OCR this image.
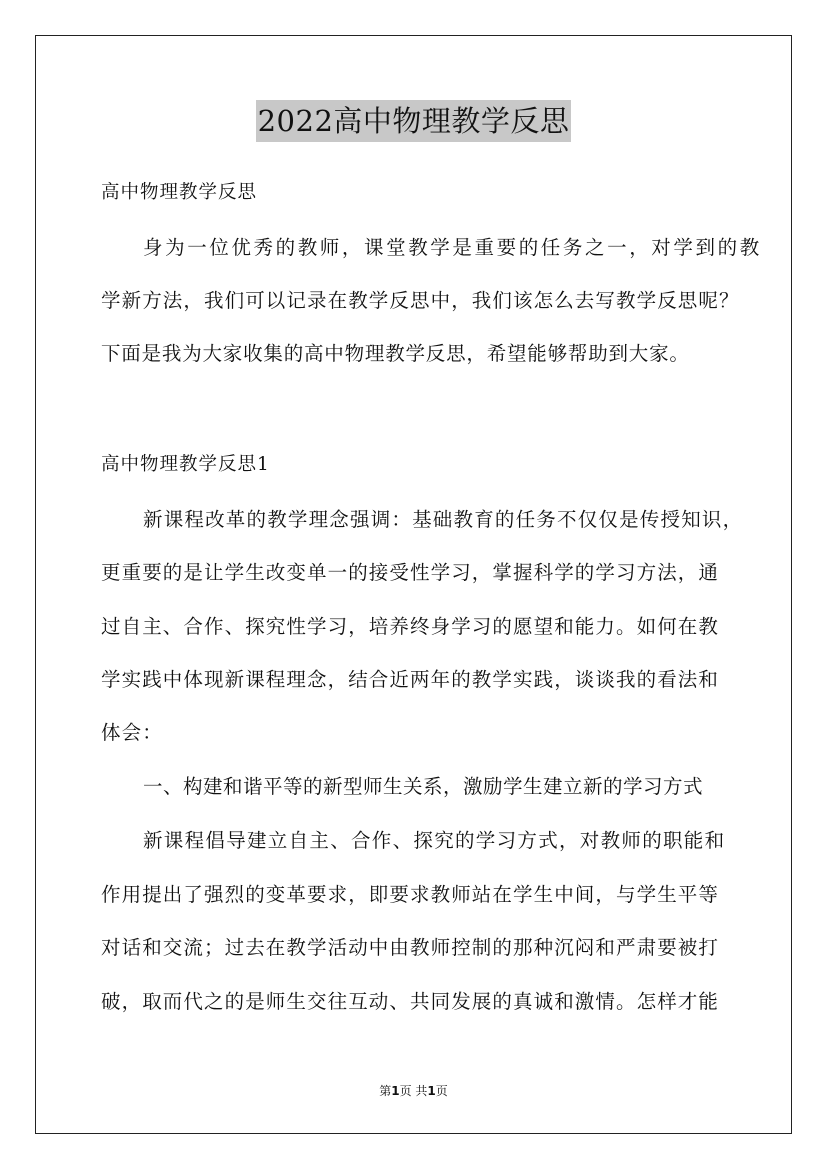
2022高中物理教学反思
高中物理教学反思
身为一位优秀的教师，课堂教学是重要的任务之一，对学到的教
学新方法，我们可以记录在教学反思中，我们该怎么去写教学反思呢？
下面是我为大家收集的高中物理教学反思，希望能够帮助到大家。
高中物理教学反思1
新课程改革的教学理念强调：基础教育的任务不仅仅是传授知识，
更重要的是让学生改变单一的接受性学习，掌握科学的学习方法，通
过自主、合作、探究性学习，培养终身学习的愿望和能力。如何在教
学实践中体现新课程理念，结合近两年的教学实践，谈谈我的看法和
体会：
一、构建和谐平等的新型师生关系，激励学生建立新的学习方式
新课程倡导建立自主、合作、探究的学习方式，对教师的职能和
作用提出了强烈的变革要求，即要求教师站在学生中间，与学生平等
对话和交流；过去在教学活动中由教师控制的那种沉闷和严肃要被打
破，取而代之的是师生交往互动、共同发展的真诚和激情。怎样才能
第1页 共1页
